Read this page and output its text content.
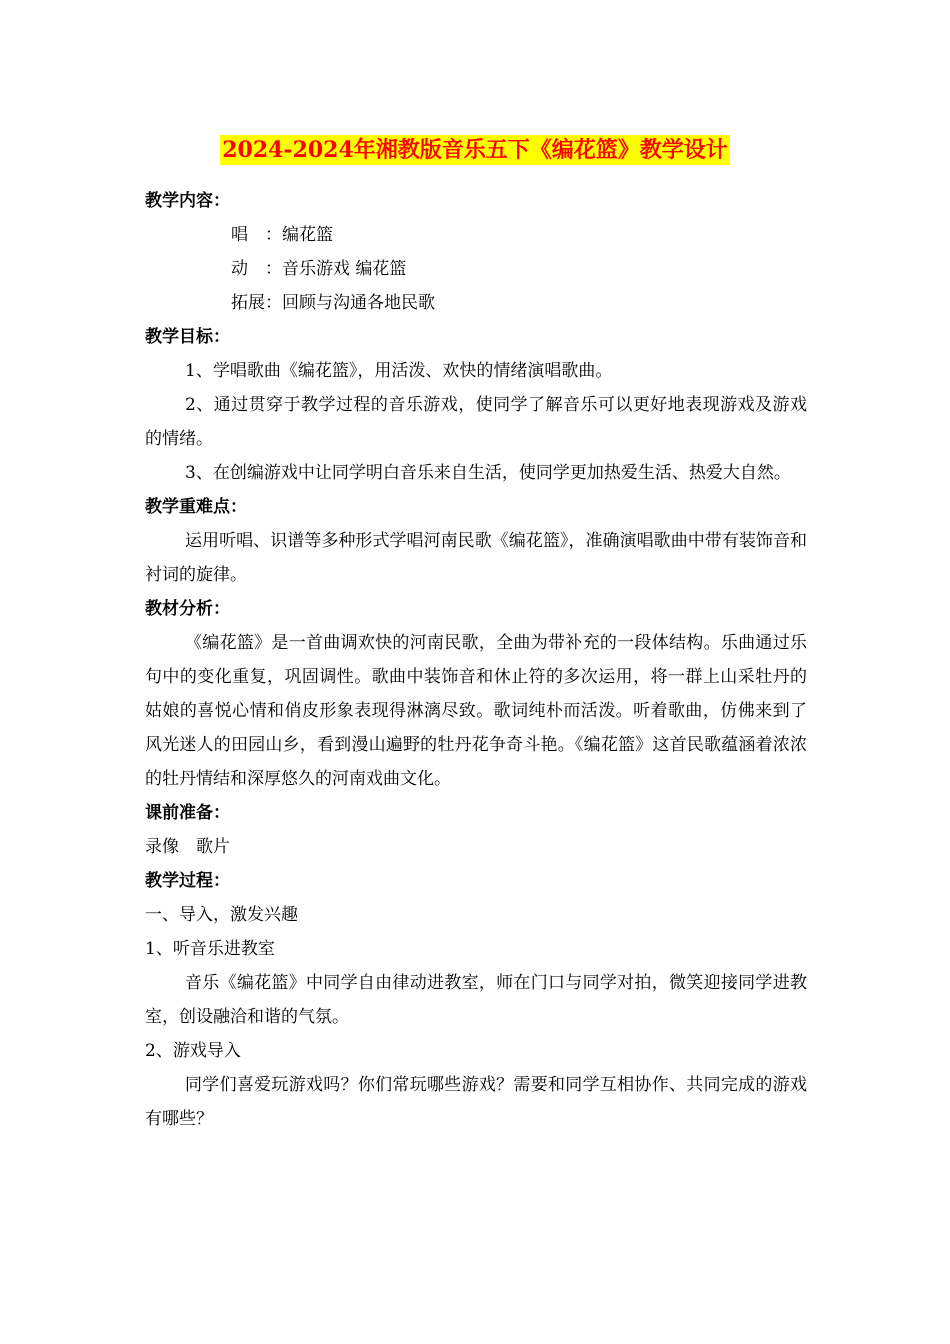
2024-2024年湘教版音乐五下《编花篮》教学设计
教学内容：
唱　：编花篮
动　：音乐游戏 编花篮
拓展：回顾与沟通各地民歌
教学目标：
1、学唱歌曲《编花篮》，用活泼、欢快的情绪演唱歌曲。
2、通过贯穿于教学过程的音乐游戏，使同学了解音乐可以更好地表现游戏及游戏的情绪。
3、在创编游戏中让同学明白音乐来自生活，使同学更加热爱生活、热爱大自然。
教学重难点：
运用听唱、识谱等多种形式学唱河南民歌《编花篮》，准确演唱歌曲中带有装饰音和衬词的旋律。
教材分析：
《编花篮》是一首曲调欢快的河南民歌，全曲为带补充的一段体结构。乐曲通过乐句中的变化重复，巩固调性。歌曲中装饰音和休止符的多次运用，将一群上山采牡丹的姑娘的喜悦心情和俏皮形象表现得淋漓尽致。歌词纯朴而活泼。听着歌曲，仿佛来到了风光迷人的田园山乡，看到漫山遍野的牡丹花争奇斗艳。《编花篮》这首民歌蕴涵着浓浓的牡丹情结和深厚悠久的河南戏曲文化。
课前准备：
录像　歌片
教学过程：
一、导入，激发兴趣
1、听音乐进教室
音乐《编花篮》中同学自由律动进教室，师在门口与同学对拍，微笑迎接同学进教室，创设融洽和谐的气氛。
2、游戏导入
同学们喜爱玩游戏吗？你们常玩哪些游戏？需要和同学互相协作、共同完成的游戏有哪些？
